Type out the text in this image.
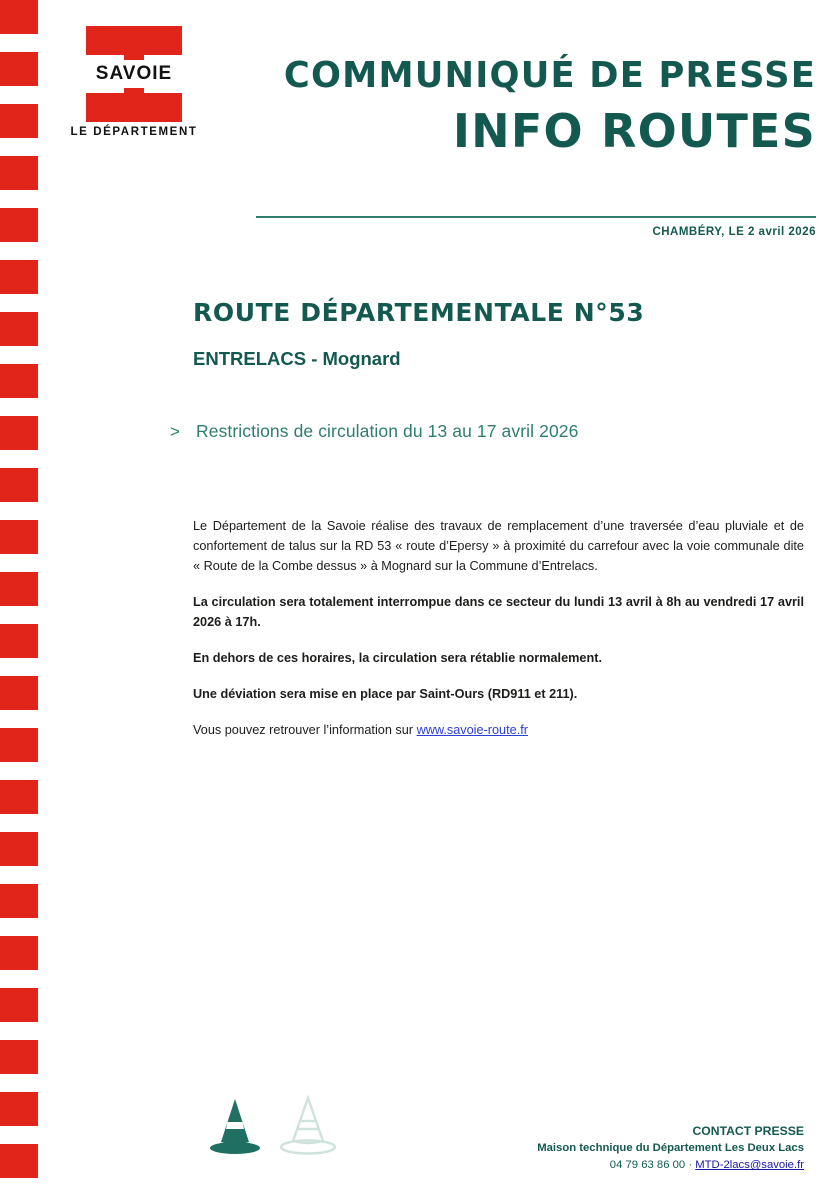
SAVOIE
LE DÉPARTEMENT
COMMUNIQUÉ DE PRESSE
INFO ROUTES
CHAMBÉRY, LE 2 avril 2026
ROUTE DÉPARTEMENTALE N°53
ENTRELACS - Mognard
> Restrictions de circulation du 13 au 17 avril 2026

Le Département de la Savoie réalise des travaux de remplacement d’une traversée d’eau pluviale et de confortement de talus sur la RD 53 « route d’Epersy » à proximité du carrefour avec la voie communale dite « Route de la Combe dessus » à Mognard sur la Commune d’Entrelacs.

La circulation sera totalement interrompue dans ce secteur du lundi 13 avril à 8h au vendredi 17 avril 2026 à 17h.

En dehors de ces horaires, la circulation sera rétablie normalement.

Une déviation sera mise en place par Saint-Ours (RD911 et 211).

Vous pouvez retrouver l’information sur www.savoie-route.fr

CONTACT PRESSE
Maison technique du Département Les Deux Lacs
04 79 63 86 00 · MTD-2lacs@savoie.fr
